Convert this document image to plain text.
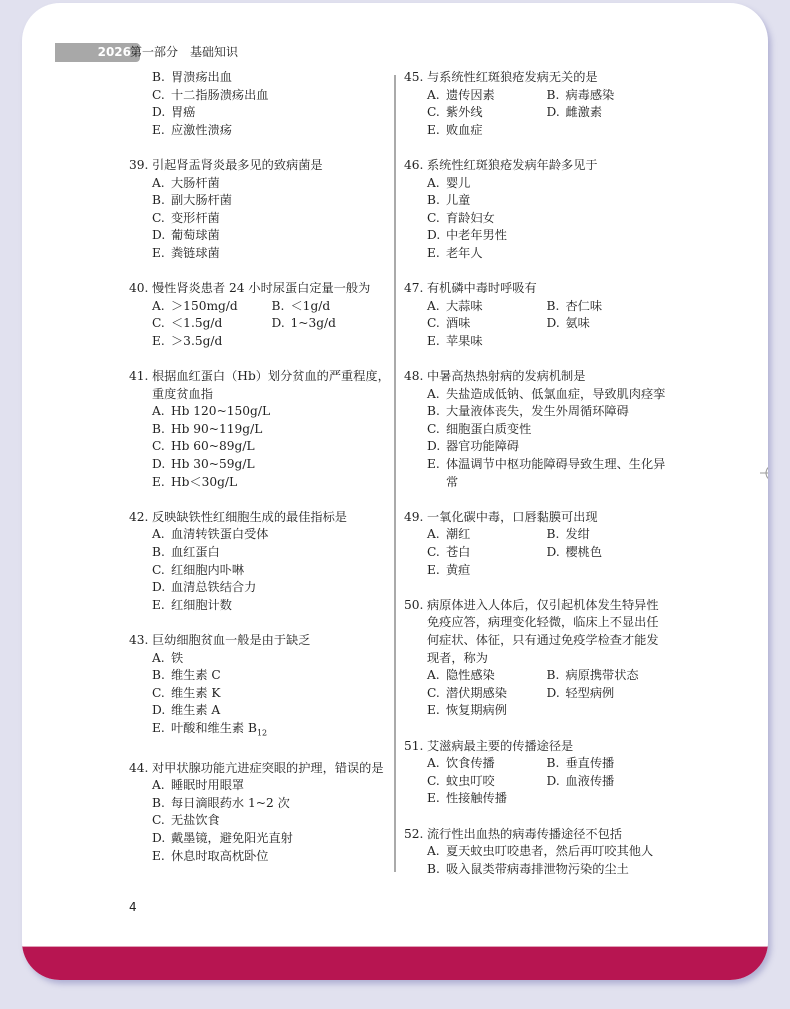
2026 第一部分　基础知识
B. 胃溃疡出血
C. 十二指肠溃疡出血
D. 胃癌
E. 应激性溃疡
39. 引起肾盂肾炎最多见的致病菌是
A. 大肠杆菌
B. 副大肠杆菌
C. 变形杆菌
D. 葡萄球菌
E. 粪链球菌
40. 慢性肾炎患者 24 小时尿蛋白定量一般为
A. ＞150mg/d	B. ＜1g/d
C. ＜1.5g/d	D. 1~3g/d
E. ＞3.5g/d
41. 根据血红蛋白（Hb）划分贫血的严重程度，重度贫血指
A. Hb 120~150g/L
B. Hb 90~119g/L
C. Hb 60~89g/L
D. Hb 30~59g/L
E. Hb＜30g/L
42. 反映缺铁性红细胞生成的最佳指标是
A. 血清转铁蛋白受体
B. 血红蛋白
C. 红细胞内卟啉
D. 血清总铁结合力
E. 红细胞计数
43. 巨幼细胞贫血一般是由于缺乏
A. 铁
B. 维生素 C
C. 维生素 K
D. 维生素 A
E. 叶酸和维生素 $B_{12}$
44. 对甲状腺功能亢进症突眼的护理，错误的是
A. 睡眠时用眼罩
B. 每日滴眼药水 1~2 次
C. 无盐饮食
D. 戴墨镜，避免阳光直射
E. 休息时取高枕卧位
45. 与系统性红斑狼疮发病无关的是
A. 遗传因素	B. 病毒感染
C. 紫外线	D. 雌激素
E. 败血症
46. 系统性红斑狼疮发病年龄多见于
A. 婴儿
B. 儿童
C. 育龄妇女
D. 中老年男性
E. 老年人
47. 有机磷中毒时呼吸有
A. 大蒜味	B. 杏仁味
C. 酒味	D. 氨味
E. 苹果味
48. 中暑高热热射病的发病机制是
A. 失盐造成低钠、低氯血症，导致肌肉痉挛
B. 大量液体丧失，发生外周循环障碍
C. 细胞蛋白质变性
D. 器官功能障碍
E. 体温调节中枢功能障碍导致生理、生化异常
49. 一氧化碳中毒，口唇黏膜可出现
A. 潮红	B. 发绀
C. 苍白	D. 樱桃色
E. 黄疸
50. 病原体进入人体后，仅引起机体发生特异性免疫应答，病理变化轻微，临床上不显出任何症状、体征，只有通过免疫学检查才能发现者，称为
A. 隐性感染	B. 病原携带状态
C. 潜伏期感染	D. 轻型病例
E. 恢复期病例
51. 艾滋病最主要的传播途径是
A. 饮食传播	B. 垂直传播
C. 蚊虫叮咬	D. 血液传播
E. 性接触传播
52. 流行性出血热的病毒传播途径不包括
A. 夏天蚊虫叮咬患者，然后再叮咬其他人
B. 吸入鼠类带病毒排泄物污染的尘土
4
